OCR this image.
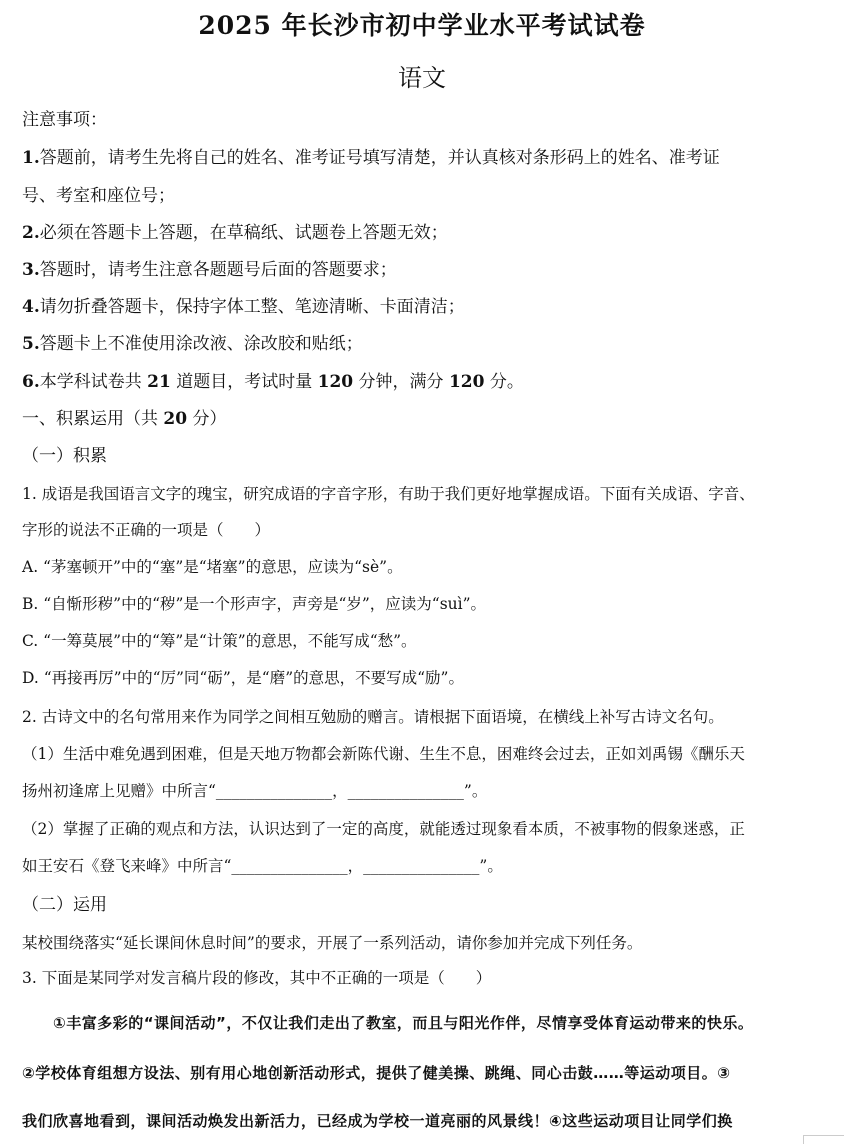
2025 年长沙市初中学业水平考试试卷
语文
注意事项：
1.答题前，请考生先将自己的姓名、准考证号填写清楚，并认真核对条形码上的姓名、准考证
号、考室和座位号；
2.必须在答题卡上答题，在草稿纸、试题卷上答题无效；
3.答题时，请考生注意各题题号后面的答题要求；
4.请勿折叠答题卡，保持字体工整、笔迹清晰、卡面清洁；
5.答题卡上不准使用涂改液、涂改胶和贴纸；
6.本学科试卷共 21 道题目，考试时量 120 分钟，满分 120 分。
一、积累运用（共 20 分）
（一）积累
1. 成语是我国语言文字的瑰宝，研究成语的字音字形，有助于我们更好地掌握成语。下面有关成语、字音、
字形的说法不正确的一项是（　　）
A. “茅塞顿开”中的“塞”是“堵塞”的意思，应读为“sè”。
B. “自惭形秽”中的“秽”是一个形声字，声旁是“岁”，应读为“suì”。
C. “一筹莫展”中的“筹”是“计策”的意思，不能写成“愁”。
D. “再接再厉”中的“厉”同“砺”，是“磨”的意思，不要写成“励”。
2. 古诗文中的名句常用来作为同学之间相互勉励的赠言。请根据下面语境，在横线上补写古诗文名句。
（1）生活中难免遇到困难，但是天地万物都会新陈代谢、生生不息，困难终会过去，正如刘禹锡《酬乐天
扬州初逢席上见赠》中所言“_______________，_______________”。
（2）掌握了正确的观点和方法，认识达到了一定的高度，就能透过现象看本质，不被事物的假象迷惑，正
如王安石《登飞来峰》中所言“_______________，_______________”。
（二）运用
某校围绕落实“延长课间休息时间”的要求，开展了一系列活动，请你参加并完成下列任务。
3. 下面是某同学对发言稿片段的修改，其中不正确的一项是（　　）
　　①丰富多彩的“课间活动”，不仅让我们走出了教室，而且与阳光作伴，尽情享受体育运动带来的快乐。
②学校体育组想方设法、别有用心地创新活动形式，提供了健美操、跳绳、同心击鼓……等运动项目。③
我们欣喜地看到，课间活动焕发出新活力，已经成为学校一道亮丽的风景线！④这些运动项目让同学们换
